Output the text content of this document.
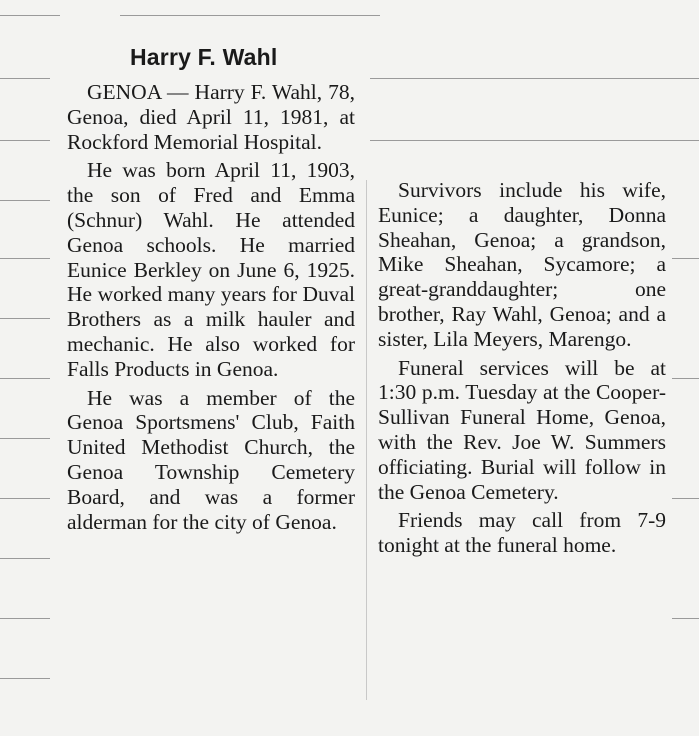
Harry F. Wahl

GENOA — Harry F. Wahl, 78, Genoa, died April 11, 1981, at Rockford Memorial Hospital.

He was born April 11, 1903, the son of Fred and Emma (Schnur) Wahl. He attended Genoa schools. He married Eunice Berkley on June 6, 1925. He worked many years for Duval Brothers as a milk hauler and mechanic. He also worked for Falls Products in Genoa.

He was a member of the Genoa Sportsmens' Club, Faith United Methodist Church, the Genoa Township Cemetery Board, and was a former alderman for the city of Genoa.

Survivors include his wife, Eunice; a daughter, Donna Sheahan, Genoa; a grandson, Mike Sheahan, Sycamore; a great-granddaughter; one brother, Ray Wahl, Genoa; and a sister, Lila Meyers, Marengo.

Funeral services will be at 1:30 p.m. Tuesday at the Cooper-Sullivan Funeral Home, Genoa, with the Rev. Joe W. Summers officiating. Burial will follow in the Genoa Cemetery.

Friends may call from 7-9 tonight at the funeral home.
